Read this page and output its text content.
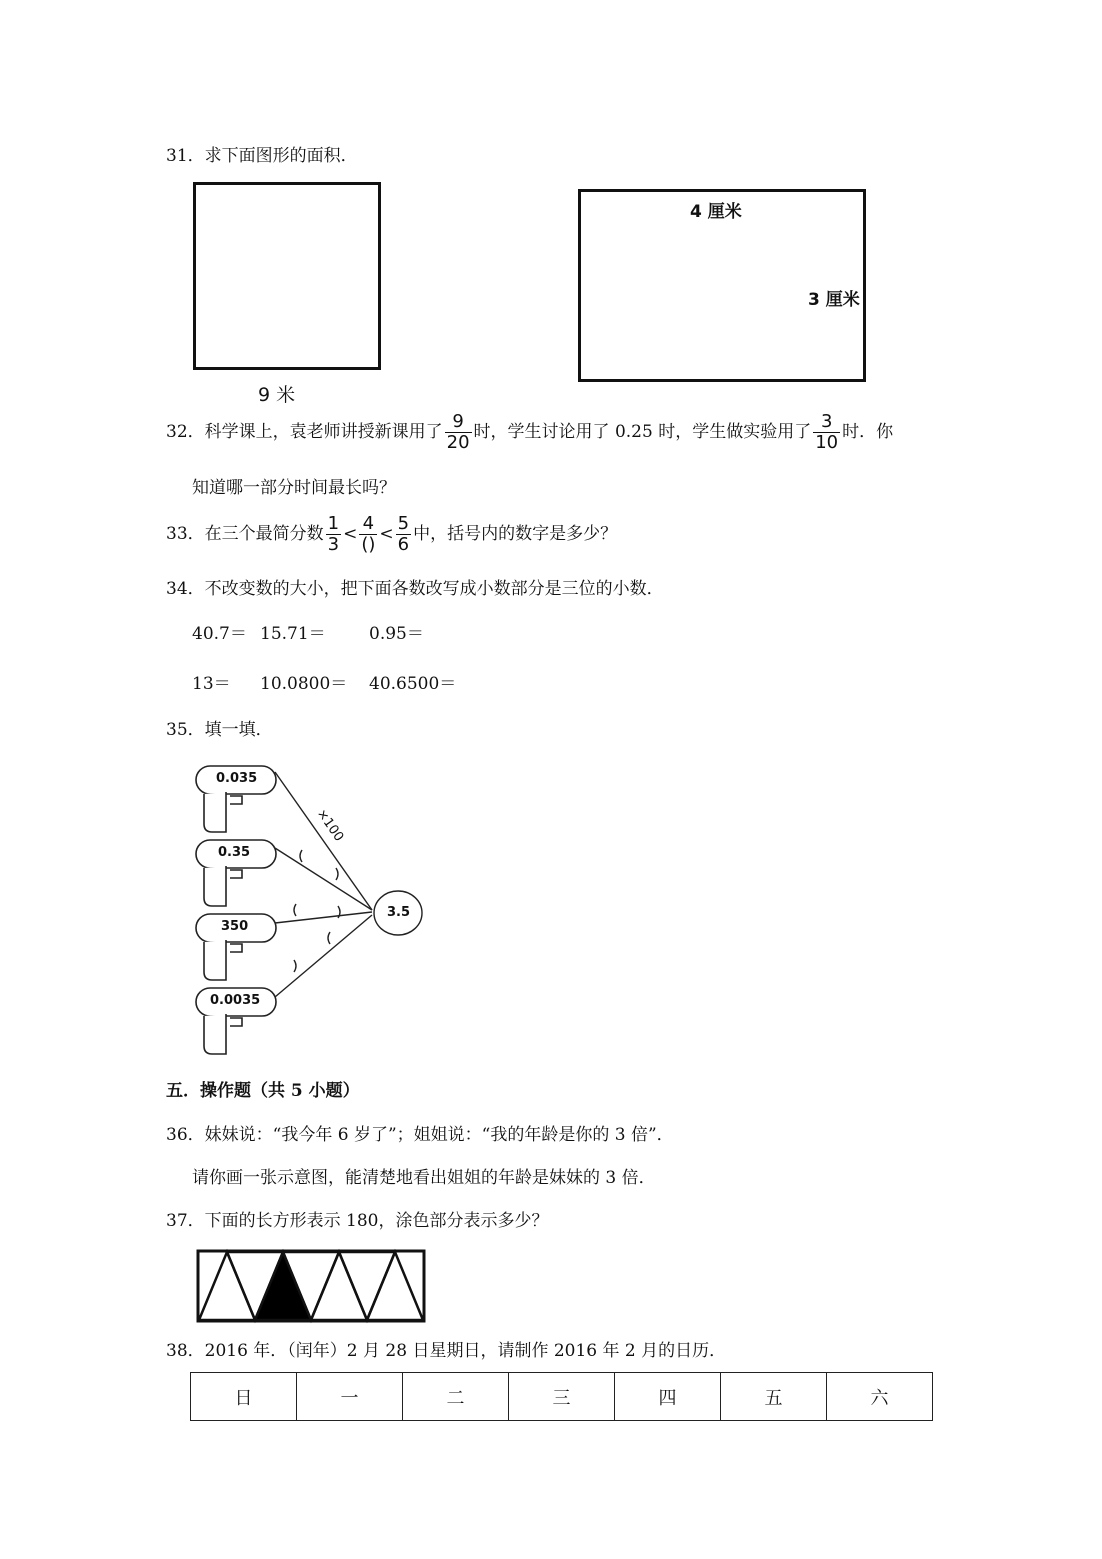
31．求下面图形的面积．
9 米
4 厘米
3 厘米
32．科学课上，袁老师讲授新课用了 $\frac{9}{20}$ 时，学生讨论用了 0.25 时，学生做实验用了 $\frac{3}{10}$ 时．你
知道哪一部分时间最长吗？
33．在三个最简分数 $\frac{1}{3} < \frac{4}{()} < \frac{5}{6}$ 中，括号内的数字是多少？
34．不改变数的大小，把下面各数改写成小数部分是三位的小数．
40.7＝ 15.71＝	0.95＝
13＝ 10.0800＝ 40.6500＝
35．填一填．
0.035
0.35
350
0.0035
3.5
×100
五．操作题（共 5 小题）
36．妹妹说：“我今年 6 岁了”；姐姐说：“我的年龄是你的 3 倍”．
请你画一张示意图，能清楚地看出姐姐的年龄是妹妹的 3 倍．
37．下面的长方形表示 180，涂色部分表示多少？
38．2016 年．（闰年）2 月 28 日星期日，请制作 2016 年 2 月的日历．
日	一	二	三	四	五	六
